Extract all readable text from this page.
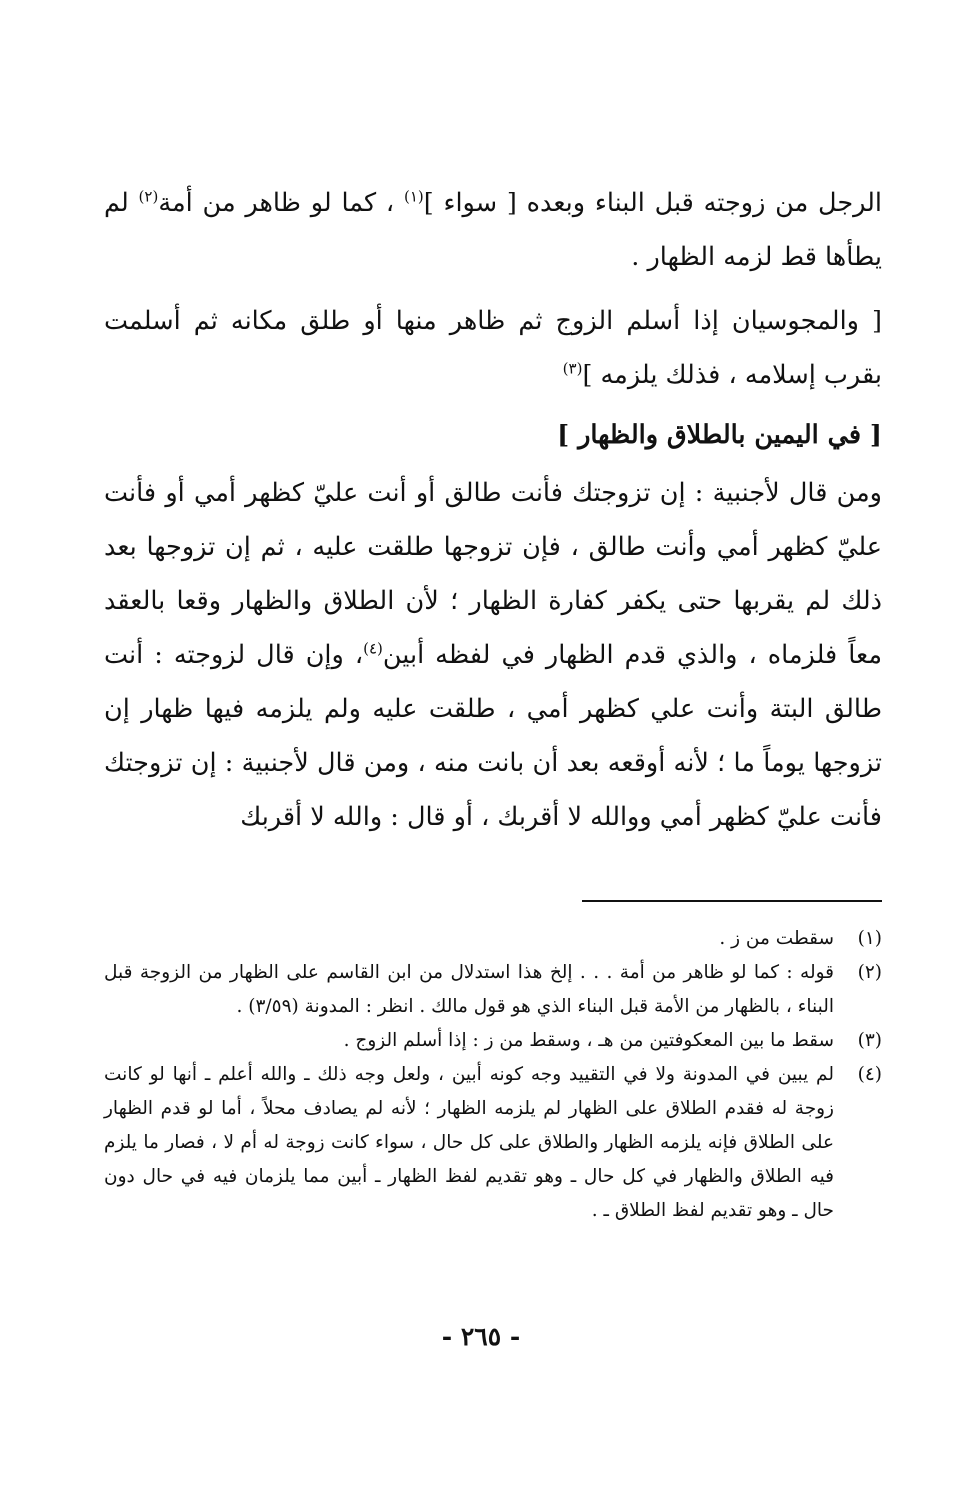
الرجل من زوجته قبل البناء وبعده [ سواء ]$^{(١)}$ ، كما لو ظاهر من أمة$^{(٢)}$ لم يطأها قط لزمه الظهار .

[ والمجوسيان إذا أسلم الزوج ثم ظاهر منها أو طلق مكانه ثم أسلمت بقرب إسلامه ، فذلك يلزمه ]$^{(٣)}$

[ في اليمين بالطلاق والظهار ]

ومن قال لأجنبية : إن تزوجتك فأنت طالق أو أنت عليّ كظهر أمي أو فأنت عليّ كظهر أمي وأنت طالق ، فإن تزوجها طلقت عليه ، ثم إن تزوجها بعد ذلك لم يقربها حتى يكفر كفارة الظهار ؛ لأن الطلاق والظهار وقعا بالعقد معاً فلزماه ، والذي قدم الظهار في لفظه أبين$^{(٤)}$، وإن قال لزوجته : أنت طالق البتة وأنت علي كظهر أمي ، طلقت عليه ولم يلزمه فيها ظهار إن تزوجها يوماً ما ؛ لأنه أوقعه بعد أن بانت منه ، ومن قال لأجنبية : إن تزوجتك فأنت عليّ كظهر أمي ووالله لا أقربك ، أو قال : والله لا أقربك

(١)
سقطت من ز .

(٢)
قوله : كما لو ظاهر من أمة . . . إلخ هذا استدلال من ابن القاسم على الظهار من الزوجة قبل البناء ، بالظهار من الأمة قبل البناء الذي هو قول مالك . انظر : المدونة (٣/٥٩) .

(٣)
سقط ما بين المعكوفتين من هـ ، وسقط من ز : إذا أسلم الزوج .

(٤)
لم يبين في المدونة ولا في التقييد وجه كونه أبين ، ولعل وجه ذلك ـ والله أعلم ـ أنها لو كانت زوجة له فقدم الطلاق على الظهار لم يلزمه الظهار ؛ لأنه لم يصادف محلاً ، أما لو قدم الظهار على الطلاق فإنه يلزمه الظهار والطلاق على كل حال ، سواء كانت زوجة له أم لا ، فصار ما يلزم فيه الطلاق والظهار في كل حال ـ وهو تقديم لفظ الظهار ـ أبين مما يلزمان فيه في حال دون حال ـ وهو تقديم لفظ الطلاق ـ .

- ٢٦٥ -
